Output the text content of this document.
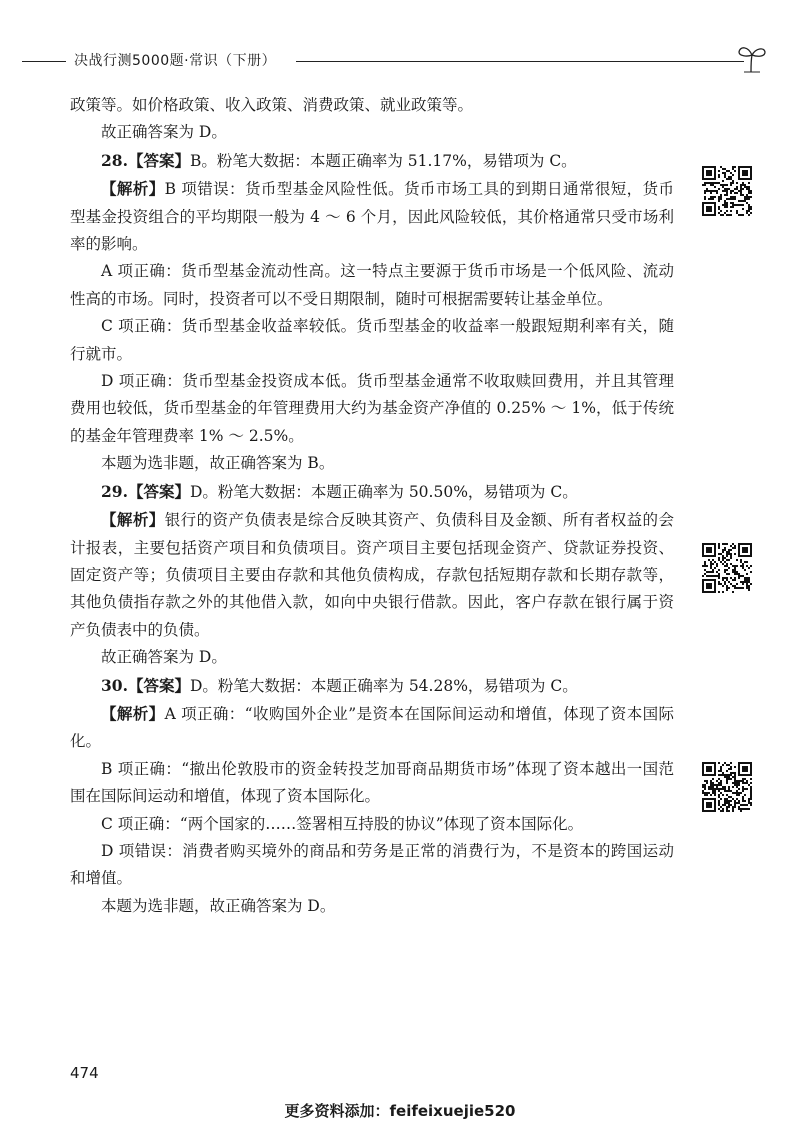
决战行测5000题·常识（下册）

政策等。如价格政策、收入政策、消费政策、就业政策等。

故正确答案为 D。

28.【答案】B。粉笔大数据：本题正确率为 51.17%，易错项为 C。

【解析】B 项错误：货币型基金风险性低。货币市场工具的到期日通常很短，货币型基金投资组合的平均期限一般为 4 ～ 6 个月，因此风险较低，其价格通常只受市场利率的影响。

A 项正确：货币型基金流动性高。这一特点主要源于货币市场是一个低风险、流动性高的市场。同时，投资者可以不受日期限制，随时可根据需要转让基金单位。

C 项正确：货币型基金收益率较低。货币型基金的收益率一般跟短期利率有关，随行就市。

D 项正确：货币型基金投资成本低。货币型基金通常不收取赎回费用，并且其管理费用也较低，货币型基金的年管理费用大约为基金资产净值的 0.25% ～ 1%，低于传统的基金年管理费率 1% ～ 2.5%。

本题为选非题，故正确答案为 B。

29.【答案】D。粉笔大数据：本题正确率为 50.50%，易错项为 C。

【解析】银行的资产负债表是综合反映其资产、负债科目及金额、所有者权益的会计报表，主要包括资产项目和负债项目。资产项目主要包括现金资产、贷款证券投资、固定资产等；负债项目主要由存款和其他负债构成，存款包括短期存款和长期存款等，其他负债指存款之外的其他借入款，如向中央银行借款。因此，客户存款在银行属于资产负债表中的负债。

故正确答案为 D。

30.【答案】D。粉笔大数据：本题正确率为 54.28%，易错项为 C。

【解析】A 项正确：“收购国外企业”是资本在国际间运动和增值，体现了资本国际化。

B 项正确：“撤出伦敦股市的资金转投芝加哥商品期货市场”体现了资本越出一国范围在国际间运动和增值，体现了资本国际化。

C 项正确：“两个国家的……签署相互持股的协议”体现了资本国际化。

D 项错误：消费者购买境外的商品和劳务是正常的消费行为，不是资本的跨国运动和增值。

本题为选非题，故正确答案为 D。

474
更多资料添加：feifeixuejie520
